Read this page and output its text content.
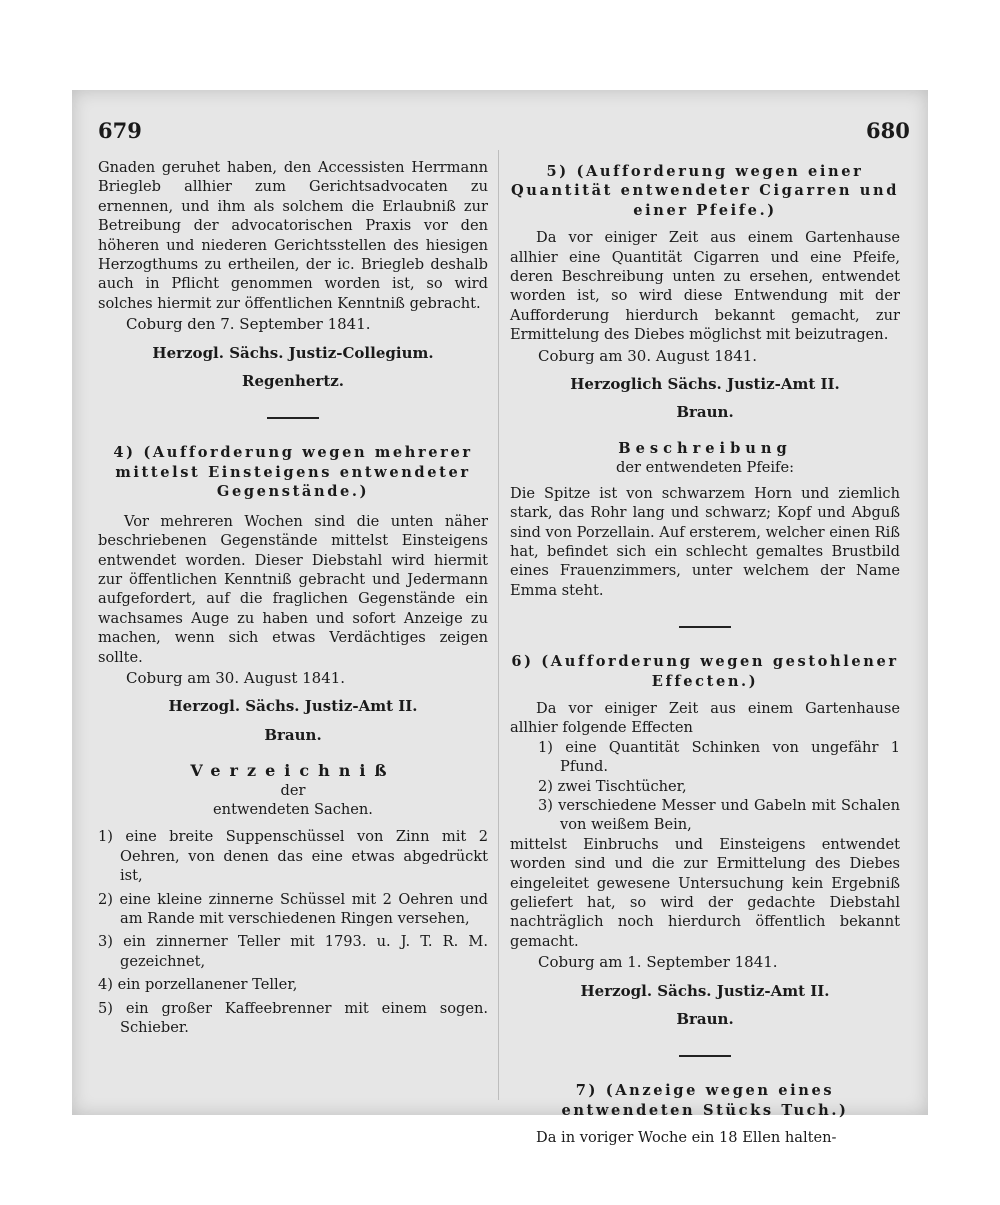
679	680

Gnaden geruhet haben, den Accessisten Herrmann Briegleb allhier zum Gerichtsadvocaten zu ernennen, und ihm als solchem die Erlaubniß zur Betreibung der advocatorischen Praxis vor den höheren und niederen Gerichtsstellen des hiesigen Herzogthums zu ertheilen, der ic. Briegleb deshalb auch in Pflicht genommen worden ist, so wird solches hiermit zur öffentlichen Kenntniß gebracht.

Coburg den 7. September 1841.

Herzogl. Sächs. Justiz-Collegium.

Regenhertz.

4) (Aufforderung wegen mehrerer mittelst Einsteigens entwendeter Gegenstände.)

Vor mehreren Wochen sind die unten näher beschriebenen Gegenstände mittelst Einsteigens entwendet worden. Dieser Diebstahl wird hiermit zur öffentlichen Kenntniß gebracht und Jedermann aufgefordert, auf die fraglichen Gegenstände ein wachsames Auge zu haben und sofort Anzeige zu machen, wenn sich etwas Verdächtiges zeigen sollte.

Coburg am 30. August 1841.

Herzogl. Sächs. Justiz-Amt II.

Braun.

Verzeichniß
der
entwendeten Sachen.

1) eine breite Suppenschüssel von Zinn mit 2 Oehren, von denen das eine etwas abgedrückt ist,

2) eine kleine zinnerne Schüssel mit 2 Oehren und am Rande mit verschiedenen Ringen versehen,

3) ein zinnerner Teller mit 1793. u. J. T. R. M. gezeichnet,

4) ein porzellanener Teller,

5) ein großer Kaffeebrenner mit einem sogen. Schieber.

5) (Aufforderung wegen einer Quantität entwendeter Cigarren und einer Pfeife.)

Da vor einiger Zeit aus einem Gartenhause allhier eine Quantität Cigarren und eine Pfeife, deren Beschreibung unten zu ersehen, entwendet worden ist, so wird diese Entwendung mit der Aufforderung hierdurch bekannt gemacht, zur Ermittelung des Diebes möglichst mit beizutragen.

Coburg am 30. August 1841.

Herzoglich Sächs. Justiz-Amt II.

Braun.

Beschreibung
der entwendeten Pfeife:

Die Spitze ist von schwarzem Horn und ziemlich stark, das Rohr lang und schwarz; Kopf und Abguß sind von Porzellain. Auf ersterem, welcher einen Riß hat, befindet sich ein schlecht gemaltes Brustbild eines Frauenzimmers, unter welchem der Name Emma steht.

6) (Aufforderung wegen gestohlener Effecten.)

Da vor einiger Zeit aus einem Gartenhause allhier folgende Effecten

1) eine Quantität Schinken von ungefähr 1 Pfund.

2) zwei Tischtücher,

3) verschiedene Messer und Gabeln mit Schalen von weißem Bein,

mittelst Einbruchs und Einsteigens entwendet worden sind und die zur Ermittelung des Diebes eingeleitet gewesene Untersuchung kein Ergebniß geliefert hat, so wird der gedachte Diebstahl nachträglich noch hierdurch öffentlich bekannt gemacht.

Coburg am 1. September 1841.

Herzogl. Sächs. Justiz-Amt II.

Braun.

7) (Anzeige wegen eines entwendeten Stücks Tuch.)

Da in voriger Woche ein 18 Ellen halten-
